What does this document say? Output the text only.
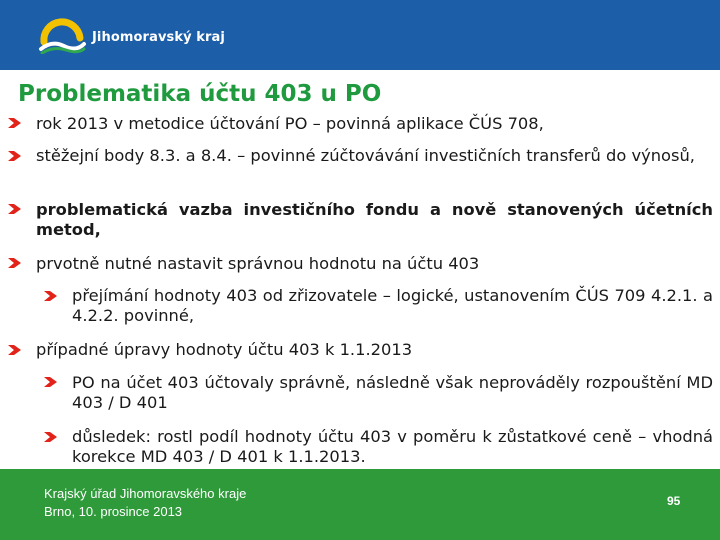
Jihomoravský kraj
Problematika účtu 403 u PO
rok 2013 v metodice účtování PO – povinná aplikace ČÚS 708,
stěžejní body 8.3. a 8.4. – povinné zúčtovávání investičních transferů do výnosů,
problematická vazba investičního fondu a nově stanovených účetních metod,
prvotně nutné nastavit správnou hodnotu na účtu 403
přejímání hodnoty 403 od zřizovatele – logické, ustanovením ČÚS 709 4.2.1. a 4.2.2. povinné,
případné úpravy hodnoty účtu 403 k 1.1.2013
PO na účet 403 účtovaly správně, následně však neprováděly rozpouštění MD 403 / D 401
důsledek: rostl podíl hodnoty účtu 403 v poměru k zůstatkové ceně – vhodná korekce MD 403 / D 401 k 1.1.2013.
Krajský úřad Jihomoravského kraje
Brno, 10. prosince 2013
95
